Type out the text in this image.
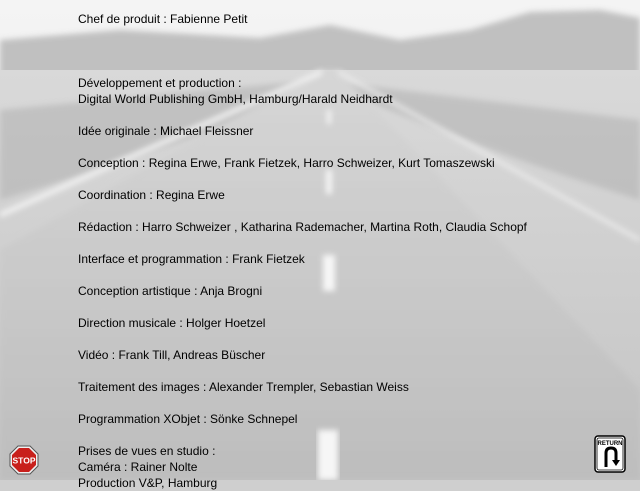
Chef de produit : Fabienne Petit
Développement et production :
Digital World Publishing GmbH, Hamburg/Harald Neidhardt
Idée originale : Michael Fleissner
Conception : Regina Erwe, Frank Fietzek, Harro Schweizer, Kurt Tomaszewski
Coordination : Regina Erwe
Rédaction : Harro Schweizer , Katharina Rademacher, Martina Roth, Claudia Schopf
Interface et programmation : Frank Fietzek
Conception artistique : Anja Brogni
Direction musicale : Holger Hoetzel
Vidéo : Frank Till, Andreas Büscher
Traitement des images : Alexander Trempler, Sebastian Weiss
Programmation XObjet : Sönke Schnepel
Prises de vues en studio :
Caméra : Rainer Nolte
Production V&P, Hamburg
STOP
RETURN
